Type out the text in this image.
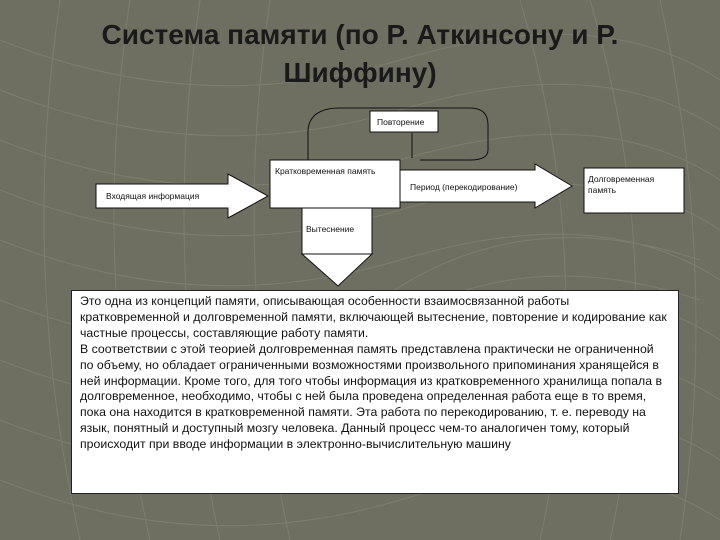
Система памяти (по Р. Аткинсону и Р.
Шиффину)
Повторение
Кратковременная память
Входящая информация
Период (перекодирование)
Долговременная
память
Вытеснение

Это одна из концепций памяти, описывающая особенности взаимосвязанной работы кратковременной и долговременной памяти, включающей вытеснение, повторение и кодирование как частные процессы, составляющие работу памяти.

В соответствии с этой теорией долговременная память представлена практически не ограниченной по объему, но обладает ограниченными возможностями произвольного припоминания хранящейся в ней информации. Кроме того, для того чтобы информация из кратковременного хранилища попала в долговременное, необходимо, чтобы с ней была проведена определенная работа еще в то время, пока она находится в кратковременной памяти. Эта работа по перекодированию, т. е. переводу на язык, понятный и доступный мозгу человека. Данный процесс чем-то аналогичен тому, который происходит при вводе информации в электронно-вычислительную машину
